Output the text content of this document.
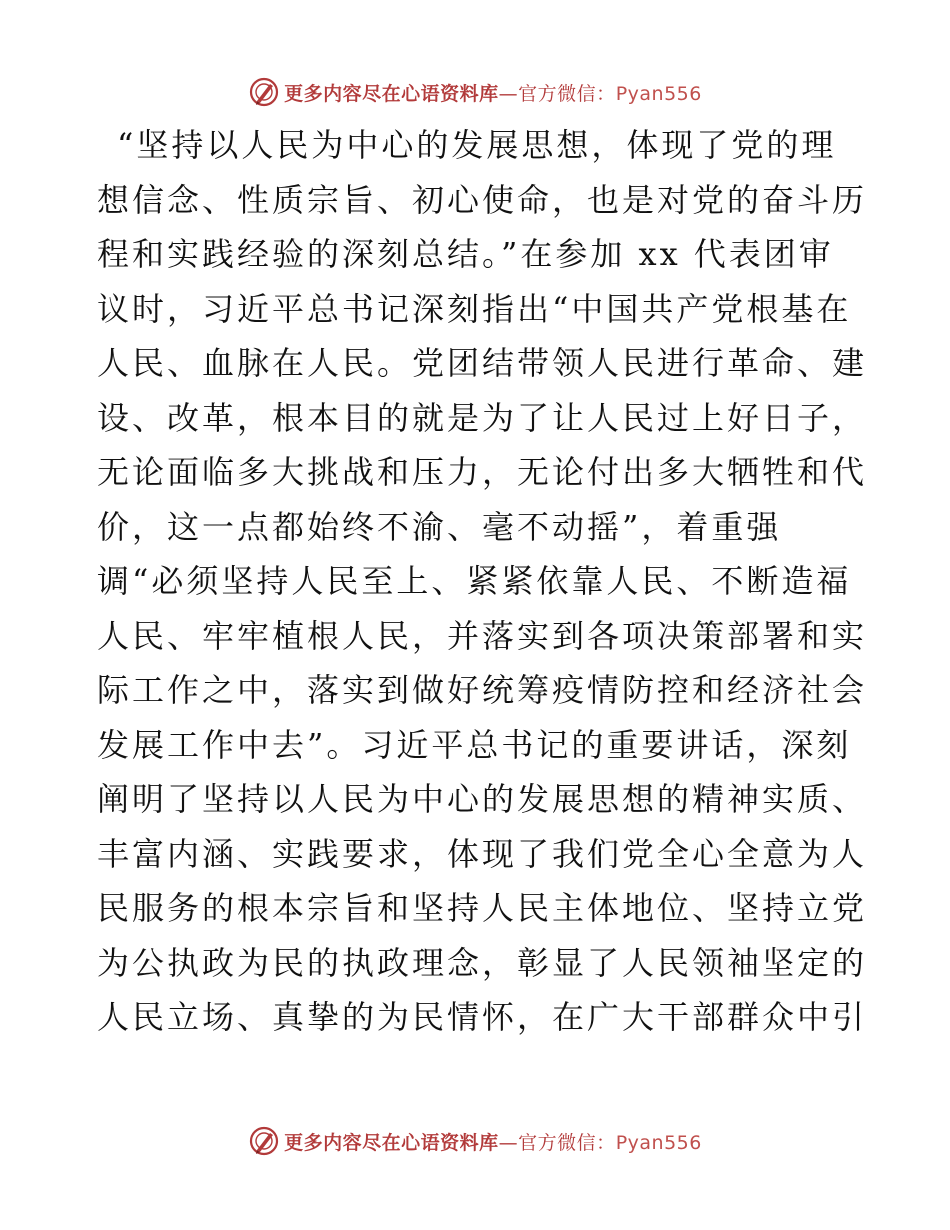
更多内容尽在心语资料库—官方微信：Pyan556
“坚持以人民为中心的发展思想，体现了党的理
想信念、性质宗旨、初心使命，也是对党的奋斗历
程和实践经验的深刻总结。”在参加 xx 代表团审
议时，习近平总书记深刻指出“中国共产党根基在
人民、血脉在人民。党团结带领人民进行革命、建
设、改革，根本目的就是为了让人民过上好日子，
无论面临多大挑战和压力，无论付出多大牺牲和代
价，这一点都始终不渝、毫不动摇”，着重强
调“必须坚持人民至上、紧紧依靠人民、不断造福
人民、牢牢植根人民，并落实到各项决策部署和实
际工作之中，落实到做好统筹疫情防控和经济社会
发展工作中去”。习近平总书记的重要讲话，深刻
阐明了坚持以人民为中心的发展思想的精神实质、
丰富内涵、实践要求，体现了我们党全心全意为人
民服务的根本宗旨和坚持人民主体地位、坚持立党
为公执政为民的执政理念，彰显了人民领袖坚定的
人民立场、真挚的为民情怀，在广大干部群众中引
更多内容尽在心语资料库—官方微信：Pyan556
